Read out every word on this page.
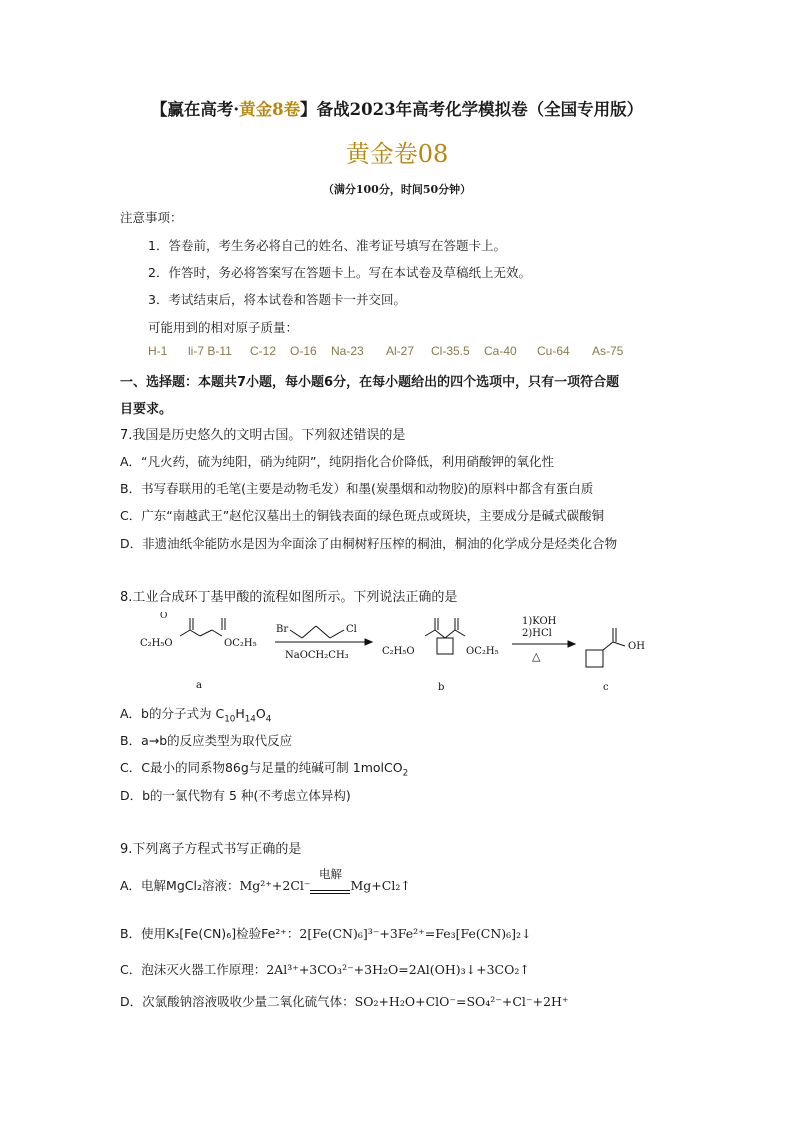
【赢在高考·黄金8卷】备战2023年高考化学模拟卷（全国专用版）
黄金卷08
（满分100分，时间50分钟）
注意事项：
1．答卷前，考生务必将自己的姓名、准考证号填写在答题卡上。
2．作答时，务必将答案写在答题卡上。写在本试卷及草稿纸上无效。
3．考试结束后，将本试卷和答题卡一并交回。
可能用到的相对原子质量：
H-1 li-7 B-11 C-12 O-16 Na-23 Al-27 Cl-35.5 Ca-40 Cu-64 As-75
一、选择题：本题共7小题，每小题6分，在每小题给出的四个选项中，只有一项符合题
目要求。
7.我国是历史悠久的文明古国。下列叙述错误的是
A．“凡火药，硫为纯阳，硝为纯阴”，纯阴指化合价降低，利用硝酸钾的氧化性
B．书写春联用的毛笔(主要是动物毛发）和墨(炭墨烟和动物胶)的原料中都含有蛋白质
C．广东“南越武王”赵佗汉墓出土的铜钱表面的绿色斑点或斑块，主要成分是碱式碳酸铜
D．非遗油纸伞能防水是因为伞面涂了由桐树籽压榨的桐油，桐油的化学成分是烃类化合物
8.工业合成环丁基甲酸的流程如图所示。下列说法正确的是
O
C₂H₅O	OC₂H₅
a
Br	Cl
NaOCH₂CH₃	C₂H₅O	OC₂H₅
b
1)KOH
2)HCl
△
OH
c
A．b的分子式为 $C_{10}H_{14}O_4$
B．a→b的反应类型为取代反应
C．C最小的同系物86g与足量的纯碱可制 1molCO$_2$
D．b的一氯代物有 5 种(不考虑立体异构)
9.下列离子方程式书写正确的是
A．电解MgCl₂溶液：Mg²⁺+2Cl⁻
电解
Mg+Cl₂↑
B．使用K₃[Fe(CN)₆]检验Fe²⁺：2[Fe(CN)₆]³⁻+3Fe²⁺=Fe₃[Fe(CN)₆]₂↓
C．泡沫灭火器工作原理：2Al³⁺+3CO₃²⁻+3H₂O=2Al(OH)₃↓+3CO₂↑
D．次氯酸钠溶液吸收少量二氧化硫气体：SO₂+H₂O+ClO⁻=SO₄²⁻+Cl⁻+2H⁺
